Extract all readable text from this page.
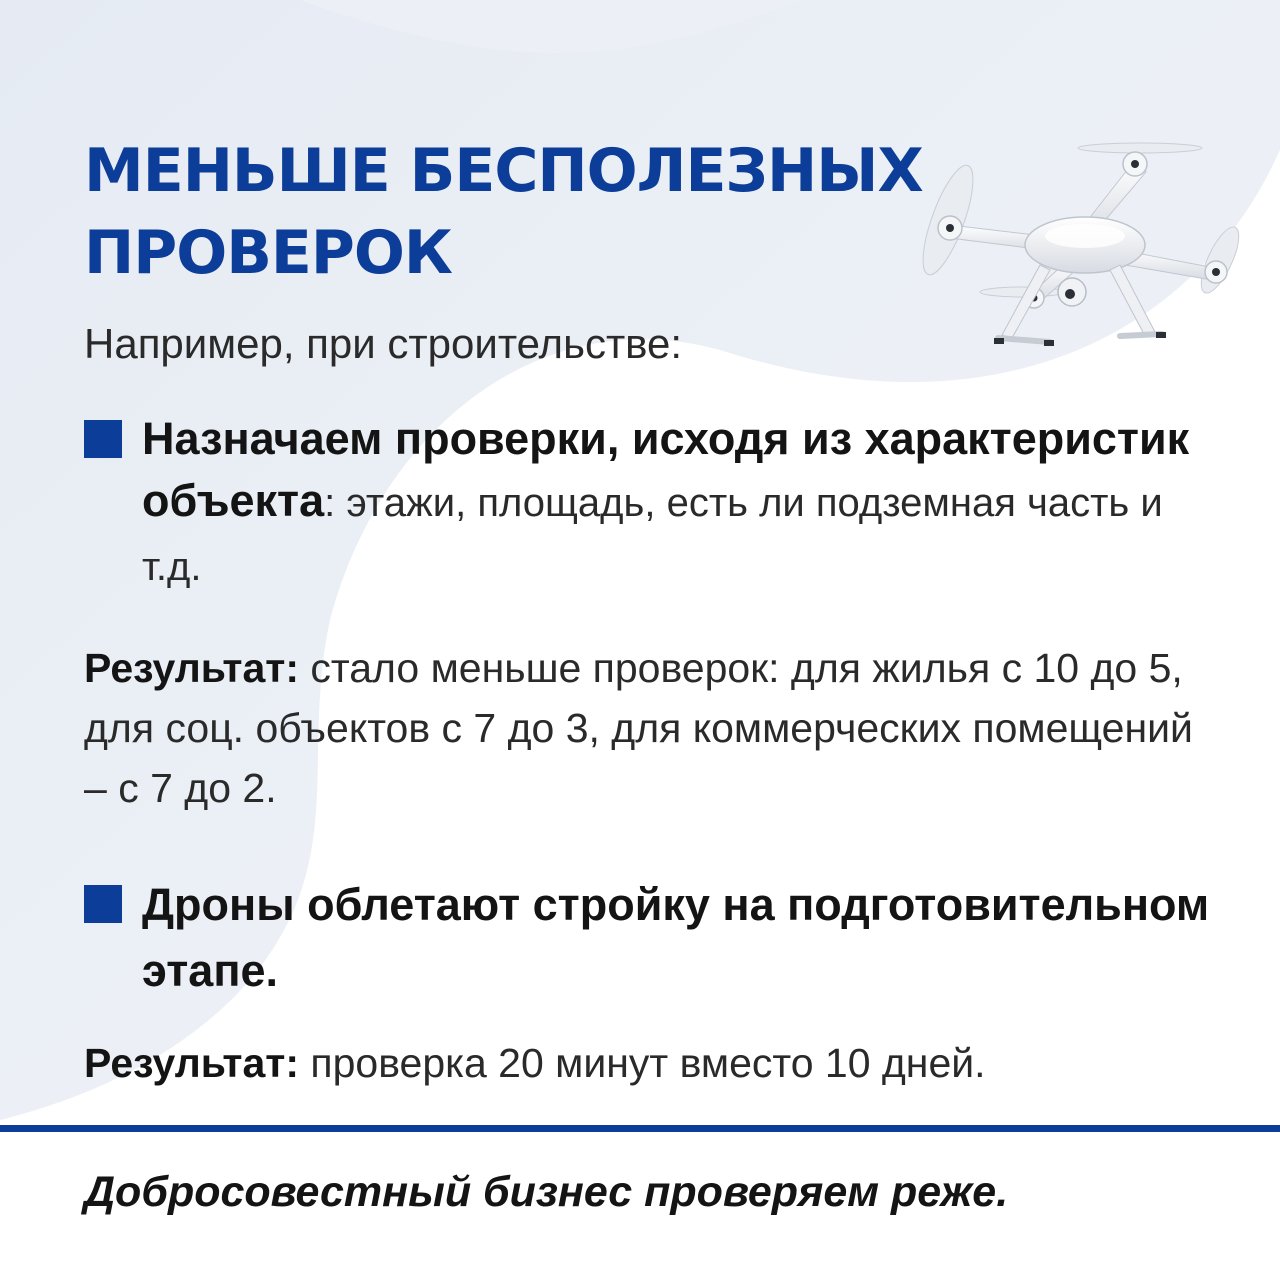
МЕНЬШЕ БЕСПОЛЕЗНЫХ
ПРОВЕРОК
Например, при строительстве:
Назначаем проверки, исходя из характеристик объекта: этажи, площадь, есть ли подземная часть и т.д.
Результат: стало меньше проверок: для жилья с 10 до 5, для соц. объектов с 7 до 3, для коммерческих помещений – с 7 до 2.
Дроны облетают стройку на подготовительном этапе.
Результат: проверка 20 минут вместо 10 дней.
Добросовестный бизнес проверяем реже.
